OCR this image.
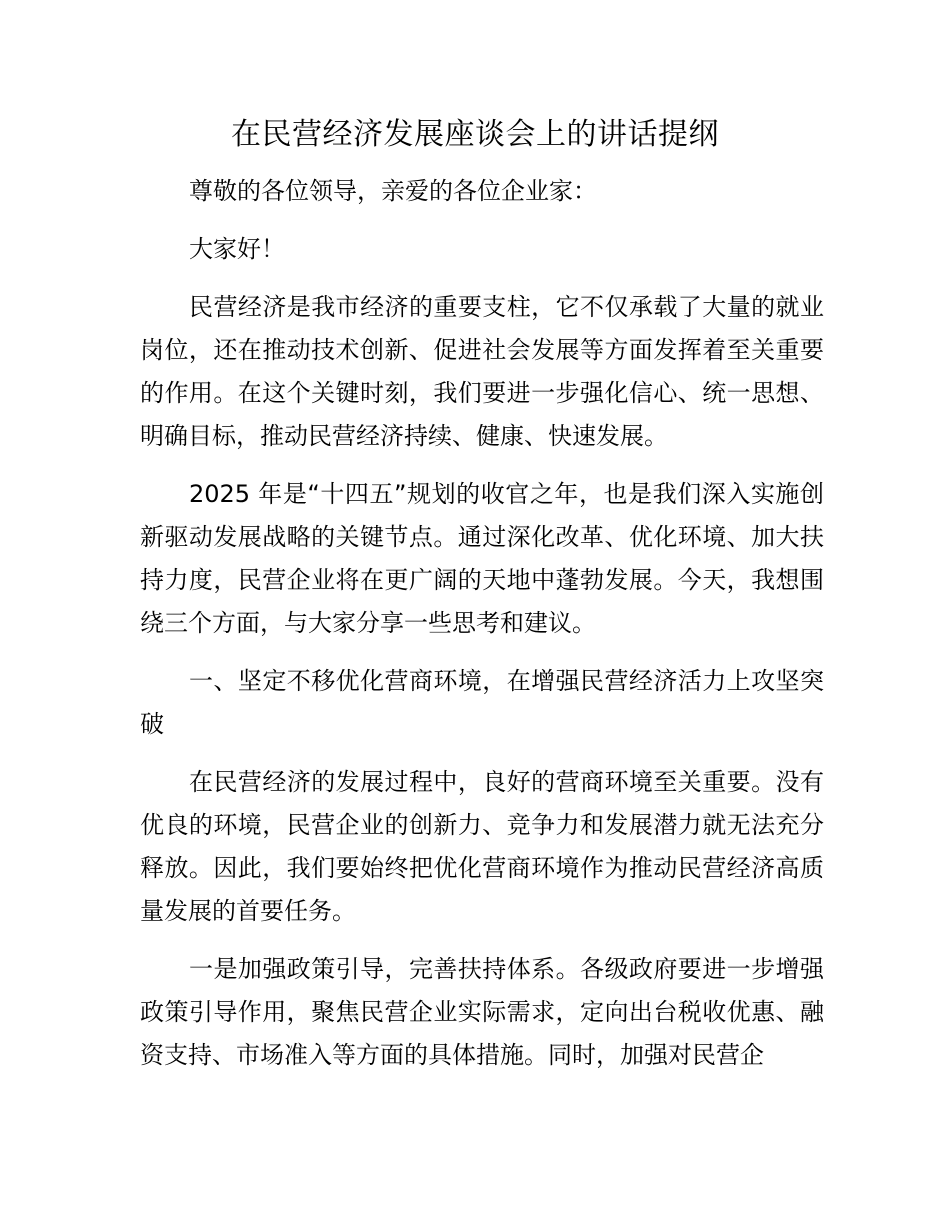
在民营经济发展座谈会上的讲话提纲

尊敬的各位领导，亲爱的各位企业家：

大家好！

民营经济是我市经济的重要支柱，它不仅承载了大量的就业岗位，还在推动技术创新、促进社会发展等方面发挥着至关重要的作用。在这个关键时刻，我们要进一步强化信心、统一思想、明确目标，推动民营经济持续、健康、快速发展。

2025 年是“十四五”规划的收官之年，也是我们深入实施创新驱动发展战略的关键节点。通过深化改革、优化环境、加大扶持力度，民营企业将在更广阔的天地中蓬勃发展。今天，我想围绕三个方面，与大家分享一些思考和建议。

一、坚定不移优化营商环境，在增强民营经济活力上攻坚突破

在民营经济的发展过程中，良好的营商环境至关重要。没有优良的环境，民营企业的创新力、竞争力和发展潜力就无法充分释放。因此，我们要始终把优化营商环境作为推动民营经济高质量发展的首要任务。

一是加强政策引导，完善扶持体系。各级政府要进一步增强政策引导作用，聚焦民营企业实际需求，定向出台税收优惠、融资支持、市场准入等方面的具体措施。同时，加强对民营企
